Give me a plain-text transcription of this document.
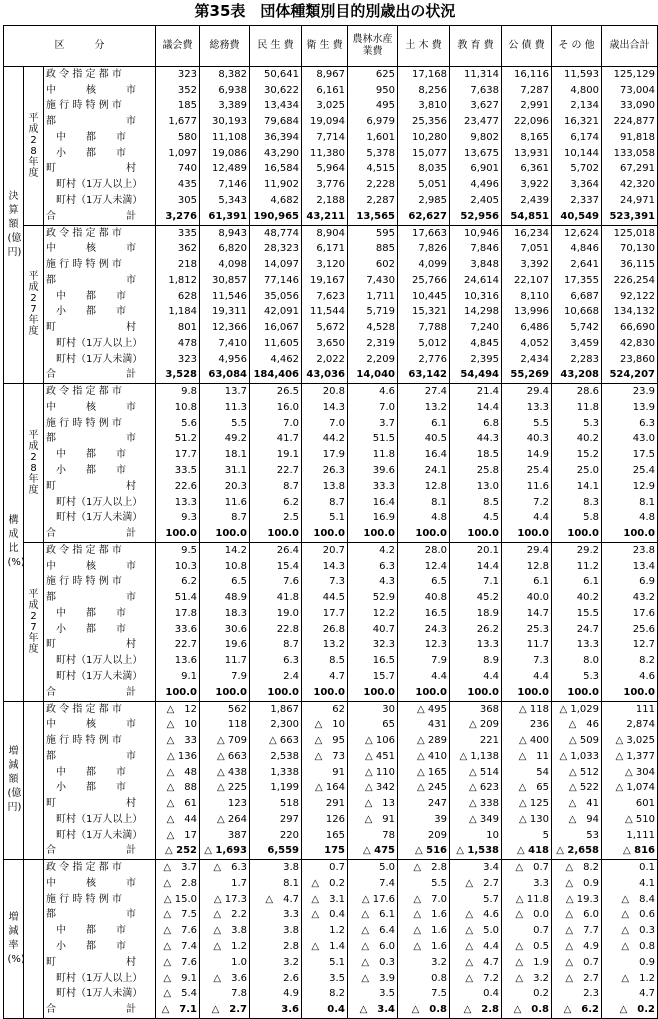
第35表　団体種類別目的別歳出の状況
区　　　分			議会費	総務費	民 生 費	衛 生 費	農林水産業費	土 木 費	教 育 費	公 債 費	そ の 他	歳出合計

決算額(億円)	平成28年度	政 令 指 定 都 市	323	8,382	50,641	8,967	625	17,168	11,314	16,116	11,593	125,129
		中　　　核　　　市	352	6,938	30,622	6,161	950	8,256	7,638	7,287	4,800	73,004
		施 行 時 特 例 市	185	3,389	13,434	3,025	495	3,810	3,627	2,991	2,134	33,090
		都　　　　　　　市	1,677	30,193	79,684	19,094	6,979	25,356	23,477	22,096	16,321	224,877
		　中　　都　　市	580	11,108	36,394	7,714	1,601	10,280	9,802	8,165	6,174	91,818
		　小　　都　　市	1,097	19,086	43,290	11,380	5,378	15,077	13,675	13,931	10,144	133,058
		町　　　　　　　村	740	12,489	16,584	5,964	4,515	8,035	6,901	6,361	5,702	67,291
		　町村（1万人以上）	435	7,146	11,902	3,776	2,228	5,051	4,496	3,922	3,364	42,320
		　町村（1万人未満）	305	5,343	4,682	2,188	2,287	2,985	2,405	2,439	2,337	24,971
		合　　　　　　　計	3,276	61,391	190,965	43,211	13,565	62,627	52,956	54,851	40,549	523,391

	平成27年度	政 令 指 定 都 市	335	8,943	48,774	8,904	595	17,663	10,946	16,234	12,624	125,018
		中　　　核　　　市	362	6,820	28,323	6,171	885	7,826	7,846	7,051	4,846	70,130
		施 行 時 特 例 市	218	4,098	14,097	3,120	602	4,099	3,848	3,392	2,641	36,115
		都　　　　　　　市	1,812	30,857	77,146	19,167	7,430	25,766	24,614	22,107	17,355	226,254
		　中　　都　　市	628	11,546	35,056	7,623	1,711	10,445	10,316	8,110	6,687	92,122
		　小　　都　　市	1,184	19,311	42,091	11,544	5,719	15,321	14,298	13,996	10,668	134,132
		町　　　　　　　村	801	12,366	16,067	5,672	4,528	7,788	7,240	6,486	5,742	66,690
		　町村（1万人以上）	478	7,410	11,605	3,650	2,319	5,012	4,845	4,052	3,459	42,830
		　町村（1万人未満）	323	4,956	4,462	2,022	2,209	2,776	2,395	2,434	2,283	23,860
		合　　　　　　　計	3,528	63,084	184,406	43,036	14,040	63,142	54,494	55,269	43,208	524,207

構成比(%)	平成28年度	政 令 指 定 都 市	9.8	13.7	26.5	20.8	4.6	27.4	21.4	29.4	28.6	23.9
		中　　　核　　　市	10.8	11.3	16.0	14.3	7.0	13.2	14.4	13.3	11.8	13.9
		施 行 時 特 例 市	5.6	5.5	7.0	7.0	3.7	6.1	6.8	5.5	5.3	6.3
		都　　　　　　　市	51.2	49.2	41.7	44.2	51.5	40.5	44.3	40.3	40.2	43.0
		　中　　都　　市	17.7	18.1	19.1	17.9	11.8	16.4	18.5	14.9	15.2	17.5
		　小　　都　　市	33.5	31.1	22.7	26.3	39.6	24.1	25.8	25.4	25.0	25.4
		町　　　　　　　村	22.6	20.3	8.7	13.8	33.3	12.8	13.0	11.6	14.1	12.9
		　町村（1万人以上）	13.3	11.6	6.2	8.7	16.4	8.1	8.5	7.2	8.3	8.1
		　町村（1万人未満）	9.3	8.7	2.5	5.1	16.9	4.8	4.5	4.4	5.8	4.8
		合　　　　　　　計	100.0	100.0	100.0	100.0	100.0	100.0	100.0	100.0	100.0	100.0

	平成27年度	政 令 指 定 都 市	9.5	14.2	26.4	20.7	4.2	28.0	20.1	29.4	29.2	23.8
		中　　　核　　　市	10.3	10.8	15.4	14.3	6.3	12.4	14.4	12.8	11.2	13.4
		施 行 時 特 例 市	6.2	6.5	7.6	7.3	4.3	6.5	7.1	6.1	6.1	6.9
		都　　　　　　　市	51.4	48.9	41.8	44.5	52.9	40.8	45.2	40.0	40.2	43.2
		　中　　都　　市	17.8	18.3	19.0	17.7	12.2	16.5	18.9	14.7	15.5	17.6
		　小　　都　　市	33.6	30.6	22.8	26.8	40.7	24.3	26.2	25.3	24.7	25.6
		町　　　　　　　村	22.7	19.6	8.7	13.2	32.3	12.3	13.3	11.7	13.3	12.7
		　町村（1万人以上）	13.6	11.7	6.3	8.5	16.5	7.9	8.9	7.3	8.0	8.2
		　町村（1万人未満）	9.1	7.9	2.4	4.7	15.7	4.4	4.4	4.4	5.3	4.6
		合　　　　　　　計	100.0	100.0	100.0	100.0	100.0	100.0	100.0	100.0	100.0	100.0

増減額(億円)		政 令 指 定 都 市	△　12	562	1,867	62	30	△ 495	368	△ 118	△ 1,029	111
		中　　　核　　　市	△　10	118	2,300	△　10	65	431	△ 209	236	△　46	2,874
		施 行 時 特 例 市	△　33	△ 709	△ 663	△　95	△ 106	△ 289	221	△ 400	△ 509	△ 3,025
		都　　　　　　　市	△ 136	△ 663	2,538	△　73	△ 451	△ 410	△ 1,138	△　11	△ 1,033	△ 1,377
		　中　　都　　市	△　48	△ 438	1,338	91	△ 110	△ 165	△ 514	54	△ 512	△ 304
		　小　　都　　市	△　88	△ 225	1,199	△ 164	△ 342	△ 245	△ 623	△　65	△ 522	△ 1,074
		町　　　　　　　村	△　61	123	518	291	△　13	247	△ 338	△ 125	△　41	601
		　町村（1万人以上）	△　44	△ 264	297	126	△　91	39	△ 349	△ 130	△　94	△ 510
		　町村（1万人未満）	△　17	387	220	165	78	209	10	5	53	1,111
		合　　　　　　　計	△ 252	△ 1,693	6,559	175	△ 475	△ 516	△ 1,538	△ 418	△ 2,658	△ 816

増減率(%)		政 令 指 定 都 市	△　3.7	△　6.3	3.8	0.7	5.0	△　2.8	3.4	△　0.7	△　8.2	0.1
		中　　　核　　　市	△　2.8	1.7	8.1	△　0.2	7.4	5.5	△　2.7	3.3	△　0.9	4.1
		施 行 時 特 例 市	△ 15.0	△ 17.3	△　4.7	△　3.1	△ 17.6	△　7.0	5.7	△ 11.8	△ 19.3	△　8.4
		都　　　　　　　市	△　7.5	△　2.2	3.3	△　0.4	△　6.1	△　1.6	△　4.6	△　0.0	△　6.0	△　0.6
		　中　　都　　市	△　7.6	△　3.8	3.8	1.2	△　6.4	△　1.6	△　5.0	0.7	△　7.7	△　0.3
		　小　　都　　市	△　7.4	△　1.2	2.8	△　1.4	△　6.0	△　1.6	△　4.4	△　0.5	△　4.9	△　0.8
		町　　　　　　　村	△　7.6	1.0	3.2	5.1	△　0.3	3.2	△　4.7	△　1.9	△　0.7	0.9
		　町村（1万人以上）	△　9.1	△　3.6	2.6	3.5	△　3.9	0.8	△　7.2	△　3.2	△　2.7	△　1.2
		　町村（1万人未満）	△　5.4	7.8	4.9	8.2	3.5	7.5	0.4	0.2	2.3	4.7
		合　　　　　　　計	△　7.1	△　2.7	3.6	0.4	△　3.4	△　0.8	△　2.8	△　0.8	△　6.2	△　0.2
